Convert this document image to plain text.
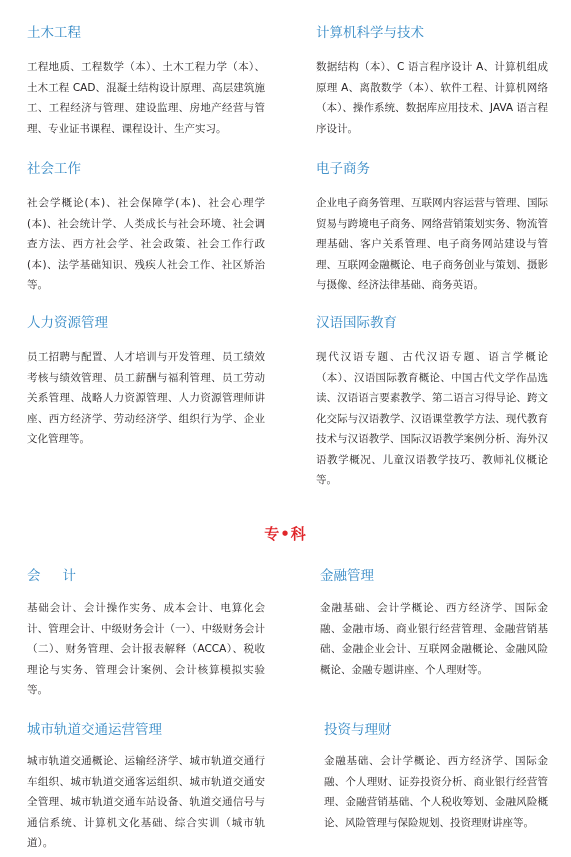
土木工程

工程地质、工程数学（本）、土木工程力学（本）、土木工程 CAD、混凝土结构设计原理、高层建筑施工、工程经济与管理、建设监理、房地产经营与管理、专业证书课程、课程设计、生产实习。

计算机科学与技术

数据结构（本）、C 语言程序设计 A、计算机组成原理 A、离散数学（本）、软件工程、计算机网络（本）、操作系统、数据库应用技术、JAVA 语言程序设计。

社会工作

社会学概论(本)、社会保障学(本)、社会心理学(本)、社会统计学、人类成长与社会环境、社会调查方法、西方社会学、社会政策、社会工作行政(本)、法学基础知识、残疾人社会工作、社区矫治等。

电子商务

企业电子商务管理、互联网内容运营与管理、国际贸易与跨境电子商务、网络营销策划实务、物流管理基础、客户关系管理、电子商务网站建设与管理、互联网金融概论、电子商务创业与策划、摄影与摄像、经济法律基础、商务英语。

人力资源管理

员工招聘与配置、人才培训与开发管理、员工绩效考核与绩效管理、员工薪酬与福利管理、员工劳动关系管理、战略人力资源管理、人力资源管理师讲座、西方经济学、劳动经济学、组织行为学、企业文化管理等。

汉语国际教育

现代汉语专题、古代汉语专题、语言学概论（本）、汉语国际教育概论、中国古代文学作品选读、汉语语言要素教学、第二语言习得导论、跨文化交际与汉语教学、汉语课堂教学方法、现代教育技术与汉语教学、国际汉语教学案例分析、海外汉语教学概况、儿童汉语教学技巧、教师礼仪概论等。

专•科
会计

基础会计、会计操作实务、成本会计、电算化会计、管理会计、中级财务会计（一）、中级财务会计（二）、财务管理、会计报表解释（ACCA）、税收理论与实务、管理会计案例、会计核算模拟实验等。

金融管理

金融基础、会计学概论、西方经济学、国际金融、金融市场、商业银行经营管理、金融营销基础、金融企业会计、互联网金融概论、金融风险概论、金融专题讲座、个人理财等。

城市轨道交通运营管理

城市轨道交通概论、运输经济学、城市轨道交通行车组织、城市轨道交通客运组织、城市轨道交通安全管理、城市轨道交通车站设备、轨道交通信号与通信系统、计算机文化基础、综合实训（城市轨道）。

投资与理财

金融基础、会计学概论、西方经济学、国际金融、个人理财、证券投资分析、商业银行经营管理、金融营销基础、个人税收筹划、金融风险概论、风险管理与保险规划、投资理财讲座等。
